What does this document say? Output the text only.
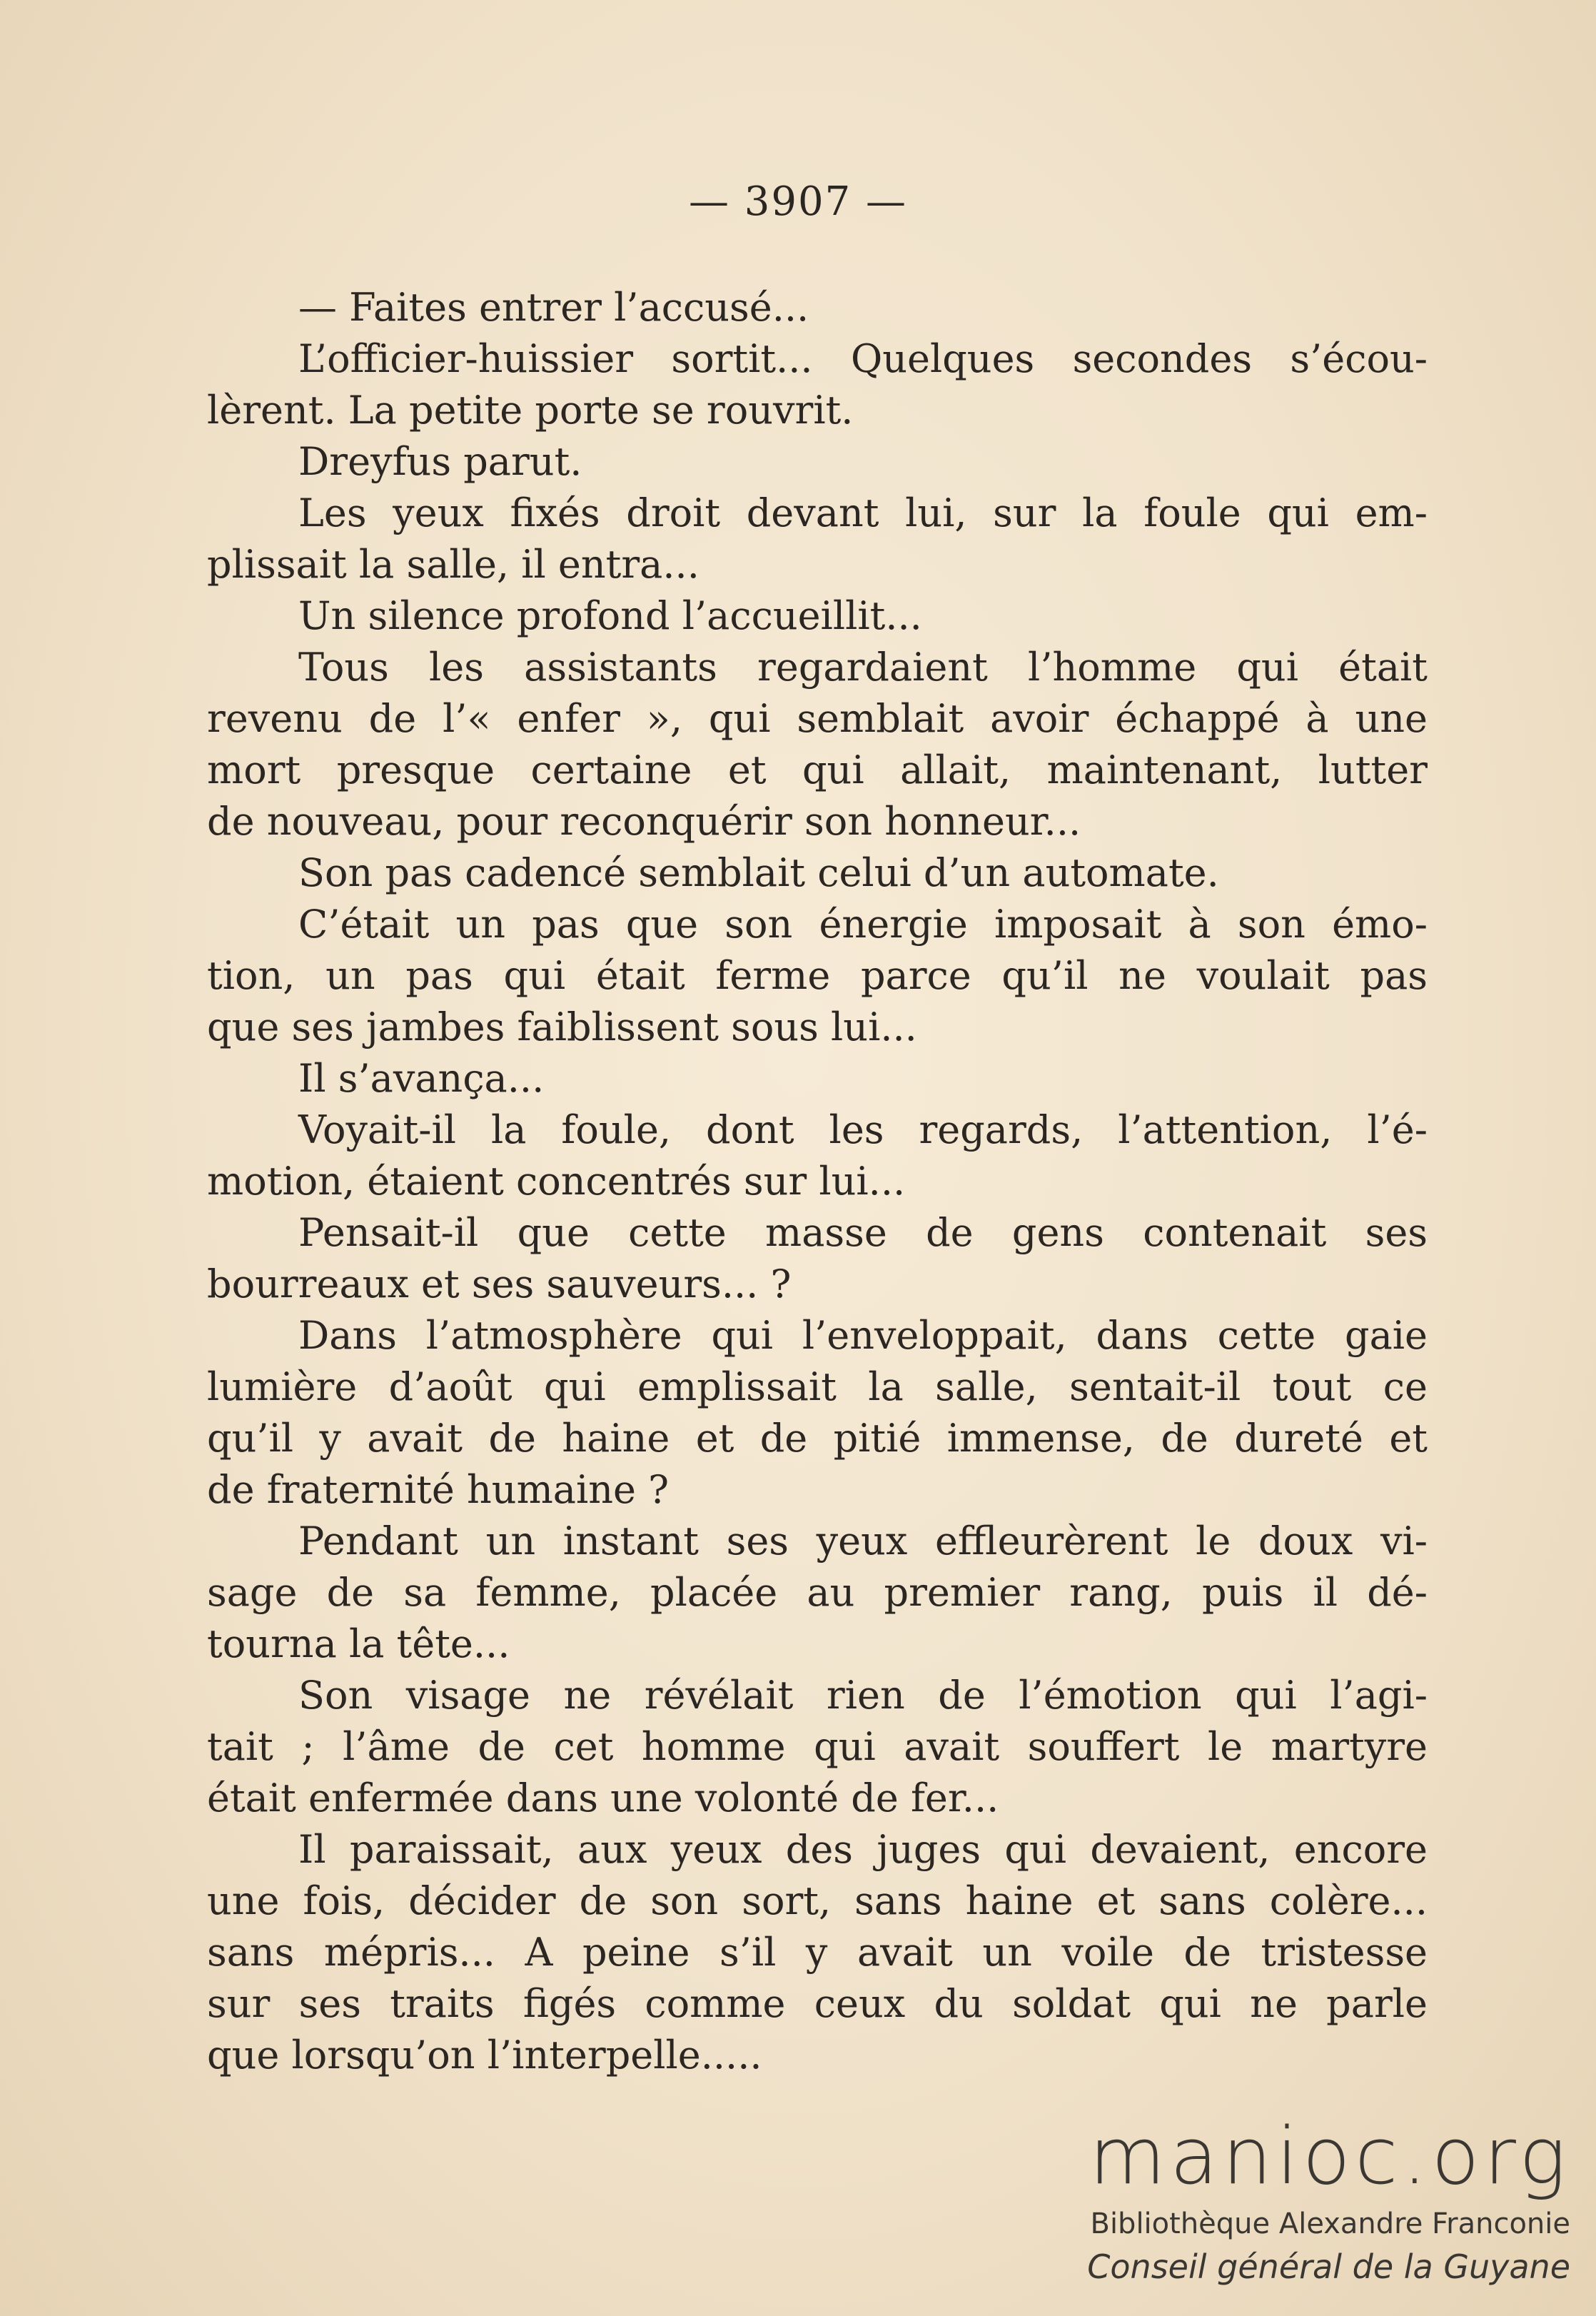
— 3907 —
— Faites entrer l’accusé...
L’officier-huissier sortit... Quelques secondes s’écou-
lèrent. La petite porte se rouvrit.
Dreyfus parut.
Les yeux fixés droit devant lui, sur la foule qui em-
plissait la salle, il entra...
Un silence profond l’accueillit...
Tous les assistants regardaient l’homme qui était
revenu de l’« enfer », qui semblait avoir échappé à une
mort presque certaine et qui allait, maintenant, lutter
de nouveau, pour reconquérir son honneur...
Son pas cadencé semblait celui d’un automate.
C’était un pas que son énergie imposait à son émo-
tion, un pas qui était ferme parce qu’il ne voulait pas
que ses jambes faiblissent sous lui...
Il s’avança...
Voyait-il la foule, dont les regards, l’attention, l’é-
motion, étaient concentrés sur lui...
Pensait-il que cette masse de gens contenait ses
bourreaux et ses sauveurs... ?
Dans l’atmosphère qui l’enveloppait, dans cette gaie
lumière d’août qui emplissait la salle, sentait-il tout ce
qu’il y avait de haine et de pitié immense, de dureté et
de fraternité humaine ?
Pendant un instant ses yeux effleurèrent le doux vi-
sage de sa femme, placée au premier rang, puis il dé-
tourna la tête...
Son visage ne révélait rien de l’émotion qui l’agi-
tait ; l’âme de cet homme qui avait souffert le martyre
était enfermée dans une volonté de fer...
Il paraissait, aux yeux des juges qui devaient, encore
une fois, décider de son sort, sans haine et sans colère...
sans mépris... A peine s’il y avait un voile de tristesse
sur ses traits figés comme ceux du soldat qui ne parle
que lorsqu’on l’interpelle.....
manioc.org
Bibliothèque Alexandre Franconie
Conseil général de la Guyane
